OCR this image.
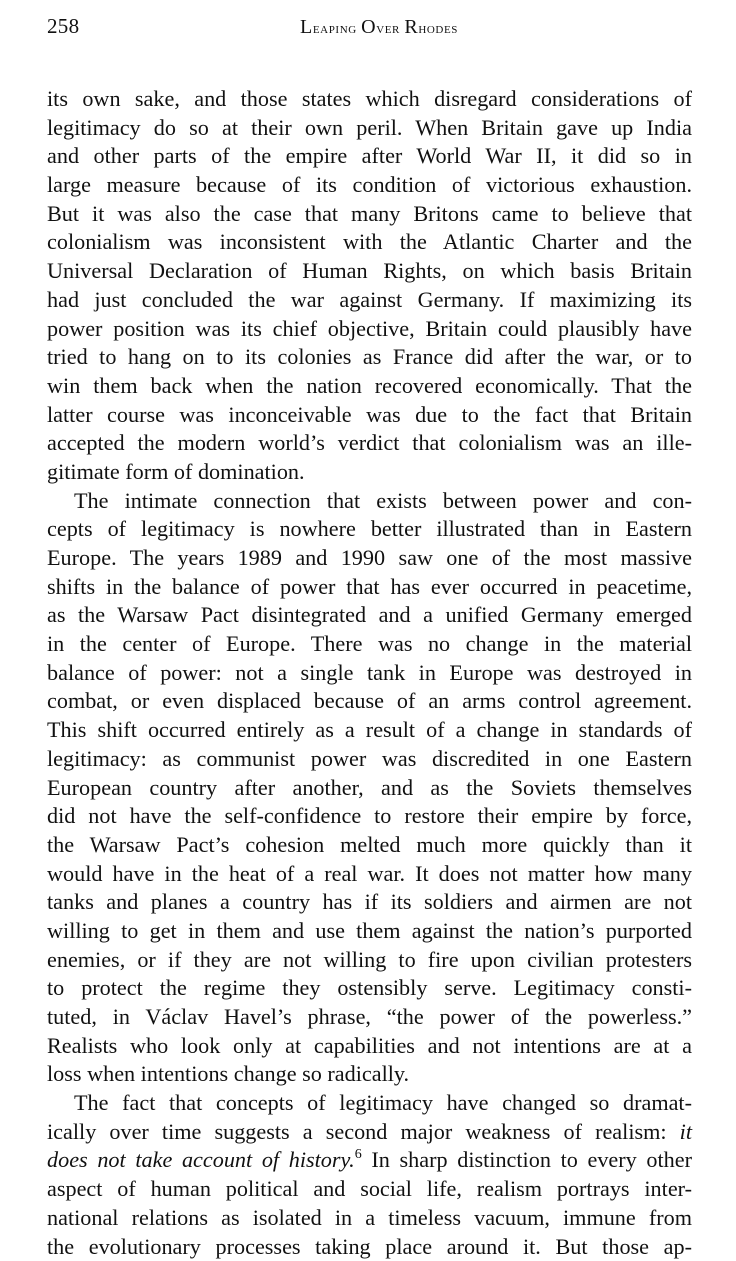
258	Leaping Over Rhodes
its own sake, and those states which disregard considerations of
legitimacy do so at their own peril. When Britain gave up India
and other parts of the empire after World War II, it did so in
large measure because of its condition of victorious exhaustion.
But it was also the case that many Britons came to believe that
colonialism was inconsistent with the Atlantic Charter and the
Universal Declaration of Human Rights, on which basis Britain
had just concluded the war against Germany. If maximizing its
power position was its chief objective, Britain could plausibly have
tried to hang on to its colonies as France did after the war, or to
win them back when the nation recovered economically. That the
latter course was inconceivable was due to the fact that Britain
accepted the modern world’s verdict that colonialism was an ille-
gitimate form of domination.
The intimate connection that exists between power and con-
cepts of legitimacy is nowhere better illustrated than in Eastern
Europe. The years 1989 and 1990 saw one of the most massive
shifts in the balance of power that has ever occurred in peacetime,
as the Warsaw Pact disintegrated and a unified Germany emerged
in the center of Europe. There was no change in the material
balance of power: not a single tank in Europe was destroyed in
combat, or even displaced because of an arms control agreement.
This shift occurred entirely as a result of a change in standards of
legitimacy: as communist power was discredited in one Eastern
European country after another, and as the Soviets themselves
did not have the self-confidence to restore their empire by force,
the Warsaw Pact’s cohesion melted much more quickly than it
would have in the heat of a real war. It does not matter how many
tanks and planes a country has if its soldiers and airmen are not
willing to get in them and use them against the nation’s purported
enemies, or if they are not willing to fire upon civilian protesters
to protect the regime they ostensibly serve. Legitimacy consti-
tuted, in Václav Havel’s phrase, “the power of the powerless.”
Realists who look only at capabilities and not intentions are at a
loss when intentions change so radically.
The fact that concepts of legitimacy have changed so dramat-
ically over time suggests a second major weakness of realism: it
does not take account of history.$^6$ In sharp distinction to every other
aspect of human political and social life, realism portrays inter-
national relations as isolated in a timeless vacuum, immune from
the evolutionary processes taking place around it. But those ap-
